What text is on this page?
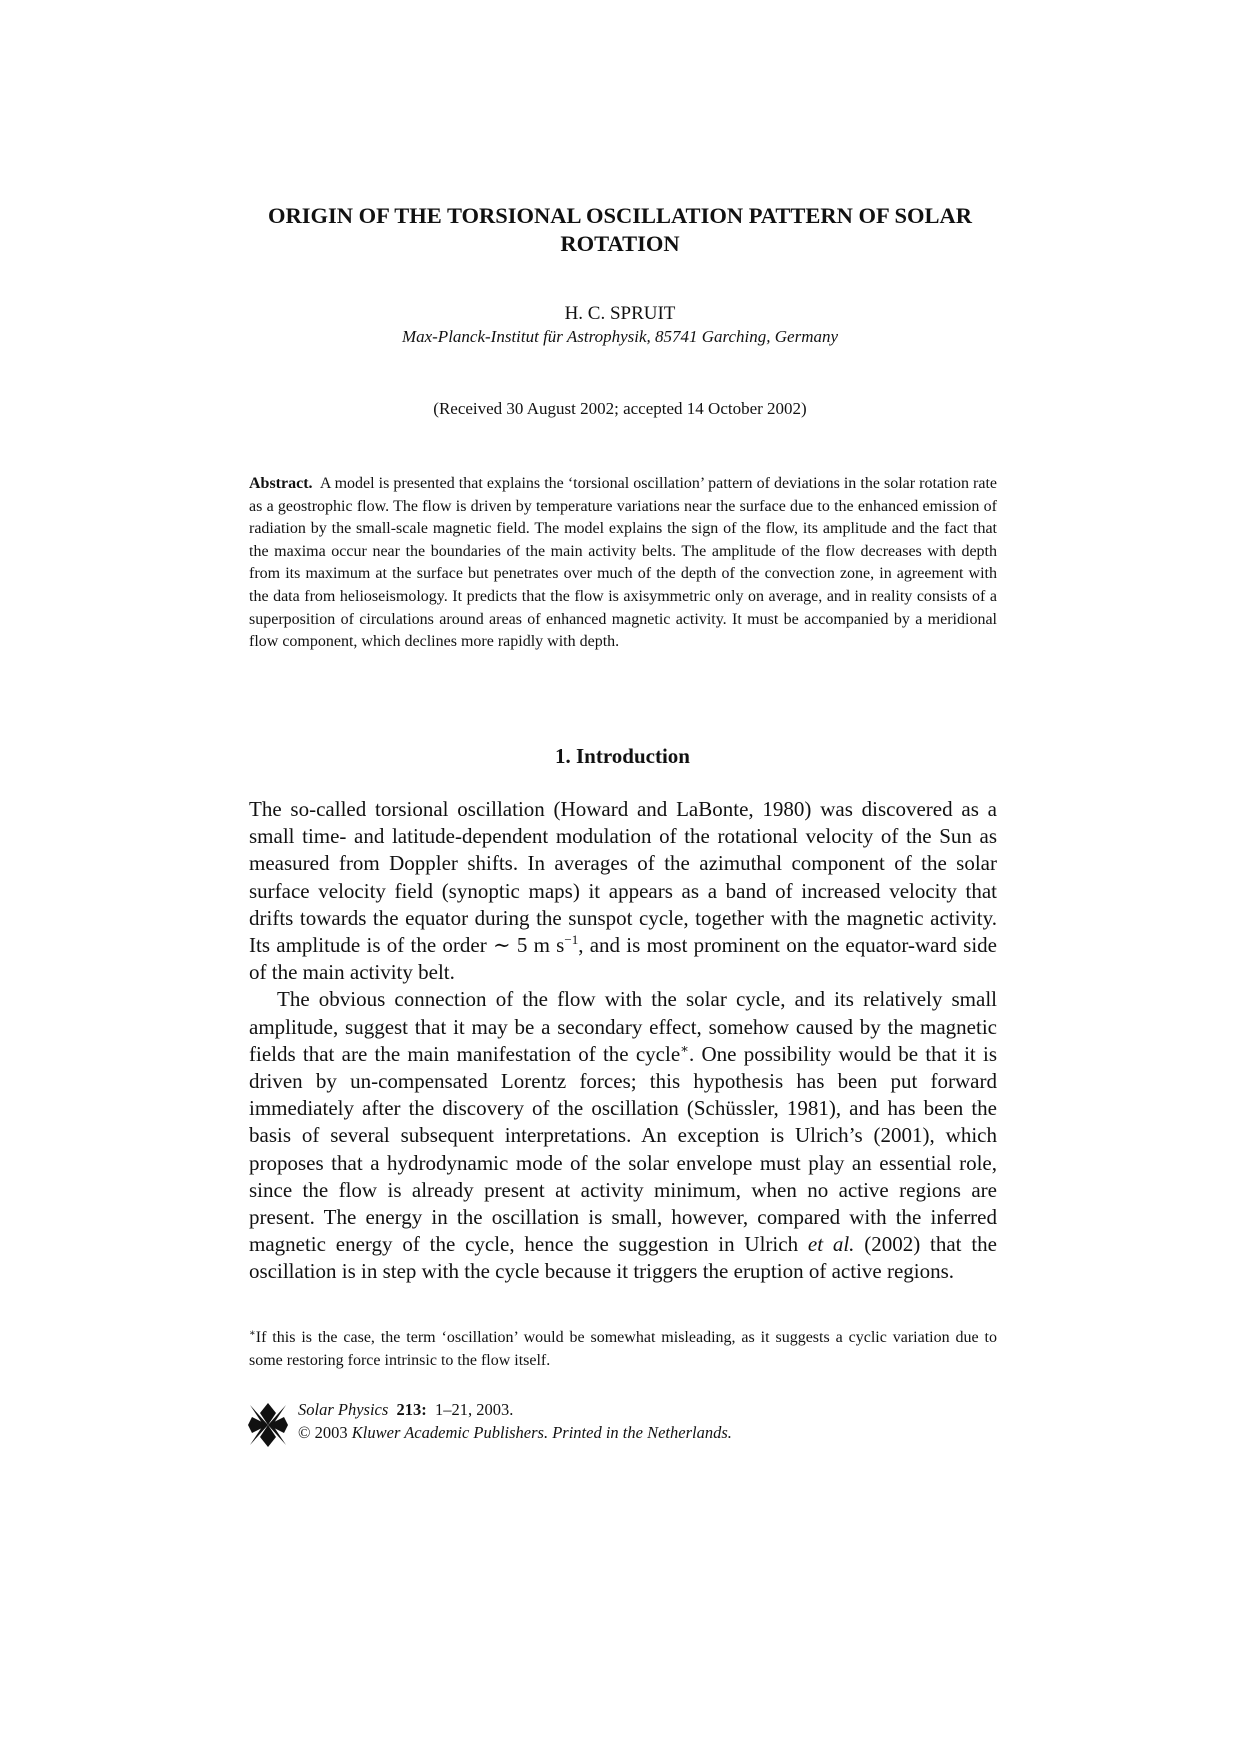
ORIGIN OF THE TORSIONAL OSCILLATION PATTERN OF SOLAR ROTATION
H. C. SPRUIT
Max-Planck-Institut für Astrophysik, 85741 Garching, Germany
(Received 30 August 2002; accepted 14 October 2002)
Abstract. A model is presented that explains the ‘torsional oscillation’ pattern of deviations in the solar rotation rate as a geostrophic flow. The flow is driven by temperature variations near the surface due to the enhanced emission of radiation by the small-scale magnetic field. The model explains the sign of the flow, its amplitude and the fact that the maxima occur near the boundaries of the main activity belts. The amplitude of the flow decreases with depth from its maximum at the surface but penetrates over much of the depth of the convection zone, in agreement with the data from helioseismology. It predicts that the flow is axisymmetric only on average, and in reality consists of a superposition of circulations around areas of enhanced magnetic activity. It must be accompanied by a meridional flow component, which declines more rapidly with depth.
1. Introduction

The so-called torsional oscillation (Howard and LaBonte, 1980) was discovered as a small time- and latitude-dependent modulation of the rotational velocity of the Sun as measured from Doppler shifts. In averages of the azimuthal component of the solar surface velocity field (synoptic maps) it appears as a band of increased velocity that drifts towards the equator during the sunspot cycle, together with the magnetic activity. Its amplitude is of the order ∼ 5 m $s^{-1}$, and is most prominent on the equator-ward side of the main activity belt.

The obvious connection of the flow with the solar cycle, and its relatively small amplitude, suggest that it may be a secondary effect, somehow caused by the magnetic fields that are the main manifestation of the cycle∗. One possibility would be that it is driven by un-compensated Lorentz forces; this hypothesis has been put forward immediately after the discovery of the oscillation (Schüssler, 1981), and has been the basis of several subsequent interpretations. An exception is Ulrich’s (2001), which proposes that a hydrodynamic mode of the solar envelope must play an essential role, since the flow is already present at activity minimum, when no active regions are present. The energy in the oscillation is small, however, compared with the inferred magnetic energy of the cycle, hence the suggestion in Ulrich et al. (2002) that the oscillation is in step with the cycle because it triggers the eruption of active regions.

∗If this is the case, the term ‘oscillation’ would be somewhat misleading, as it suggests a cyclic variation due to some restoring force intrinsic to the flow itself.
Solar Physics 213: 1–21, 2003.
© 2003 Kluwer Academic Publishers. Printed in the Netherlands.
